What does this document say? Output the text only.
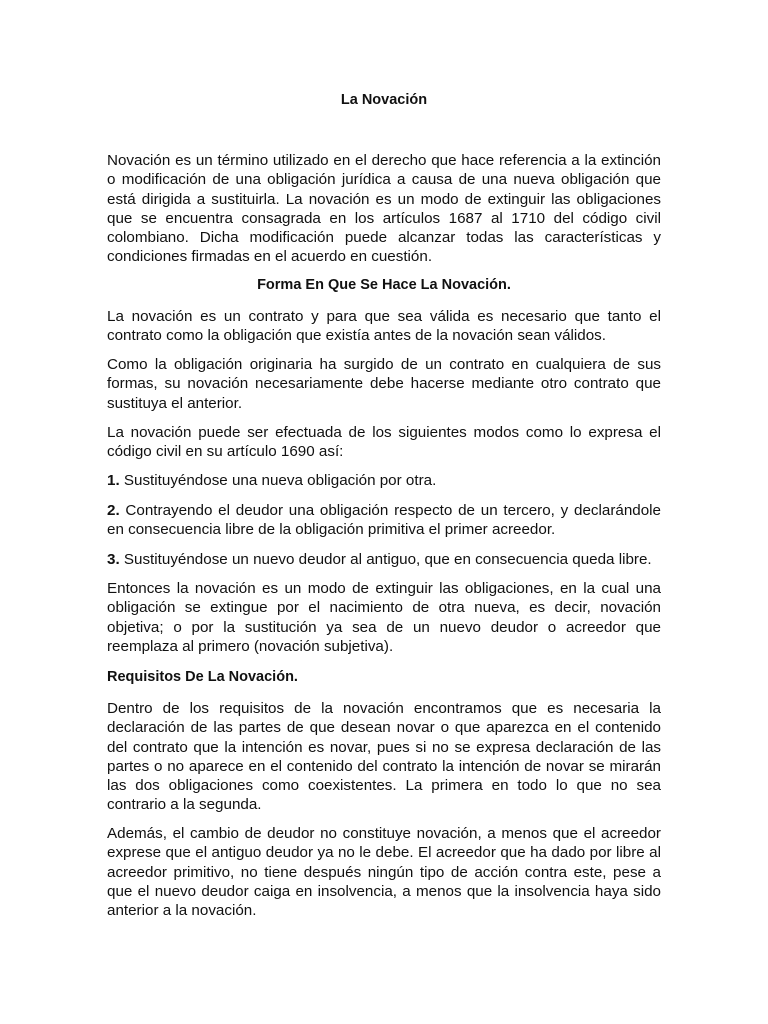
La Novación

Novación es un término utilizado en el derecho que hace referencia a la extinción o modificación de una obligación jurídica a causa de una nueva obligación que está dirigida a sustituirla. La novación es un modo de extinguir las obligaciones que se encuentra consagrada en los artículos 1687 al 1710 del código civil colombiano. Dicha modificación puede alcanzar todas las características y condiciones firmadas en el acuerdo en cuestión.

Forma En Que Se Hace La Novación.

La novación es un contrato y para que sea válida es necesario que tanto el contrato como la obligación que existía antes de la novación sean válidos.

Como la obligación originaria ha surgido de un contrato en cualquiera de sus formas, su novación necesariamente debe hacerse mediante otro contrato que sustituya el anterior.

La novación puede ser efectuada de los siguientes modos como lo expresa el código civil en su artículo 1690 así:

1. Sustituyéndose una nueva obligación por otra.

2. Contrayendo el deudor una obligación respecto de un tercero, y declarándole en consecuencia libre de la obligación primitiva el primer acreedor.

3. Sustituyéndose un nuevo deudor al antiguo, que en consecuencia queda libre.

Entonces la novación es un modo de extinguir las obligaciones, en la cual una obligación se extingue por el nacimiento de otra nueva, es decir, novación objetiva; o por la sustitución ya sea de un nuevo deudor o acreedor que reemplaza al primero (novación subjetiva).

Requisitos De La Novación.

Dentro de los requisitos de la novación encontramos que es necesaria la declaración de las partes de que desean novar o que aparezca en el contenido del contrato que la intención es novar, pues si no se expresa declaración de las partes o no aparece en el contenido del contrato la intención de novar se mirarán las dos obligaciones como coexistentes. La primera en todo lo que no sea contrario a la segunda.

Además, el cambio de deudor no constituye novación, a menos que el acreedor exprese que el antiguo deudor ya no le debe. El acreedor que ha dado por libre al acreedor primitivo, no tiene después ningún tipo de acción contra este, pese a que el nuevo deudor caiga en insolvencia, a menos que la insolvencia haya sido anterior a la novación.
